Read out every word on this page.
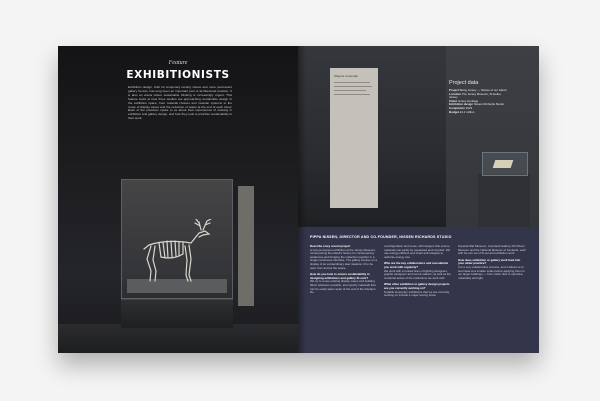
Feature
EXHIBITIONISTS
Exhibition design, both for temporary touring shows and more permanent gallery fit-outs, has long been an important part of architectural practice. It is also an arena where sustainable thinking is increasingly urgent. This feature looks at how three studios are approaching sustainable design in the exhibition space, from material choices and modular systems to the reuse of display cases and the reduction of waste at the end of each show. Each of the practices spoke to us about their experiences of working in exhibition and gallery design, and how they look to prioritise sustainability in their work.
Objects of wonder
Project data
Project Being Jersey — Stories of our island
Location The Jersey Museum, St Helier, Jersey
Client Jersey Heritage
Exhibition design Nissen Richards Studio
Completion 2023
Budget £1.2 million
PIPPA NISSEN, DIRECTOR AND CO-FOUNDER, NISSEN RICHARDS STUDIO

Describe a key recent project
A new permanent exhibition at the Jersey Museum, reinterpreting the island's history for contemporary audiences and bringing the collection together in a single continuous narrative. The gallery centres on a display of an extraordinary deer skeleton, lit to be seen from across the space.

How do you look to ensure sustainability in designing exhibitions and gallery fit-outs?
We try to reuse existing display cases and building fabric wherever possible, and specify materials that can be easily taken apart at the end of the display's life.

reconfiguration and reuse, with designs that ensure materials can easily be separated and recycled. We use energy-efficient and smart technologies to optimise energy use.

Who are the key collaborators and consultants you work with regularly?
We work with a trusted team of lighting designers, graphic designers and mount-makers, as well as the curatorial teams of the institutions we work with.

What other exhibition or gallery design projects are you currently working on?
Notable temporary exhibitions that we are currently working on include a major touring show.

Imperial War Museum, Courtauld Gallery, Pitt Rivers Museum and the National Museum of Scotland, each with its own set of fit-out and exhibition work.

How does exhibition or gallery work feed into your wider practice?
It is a very collaborative process, and it allows us to test ideas at a smaller scale before applying them to our larger buildings — from visitor flow to narrative, materiality and light.
